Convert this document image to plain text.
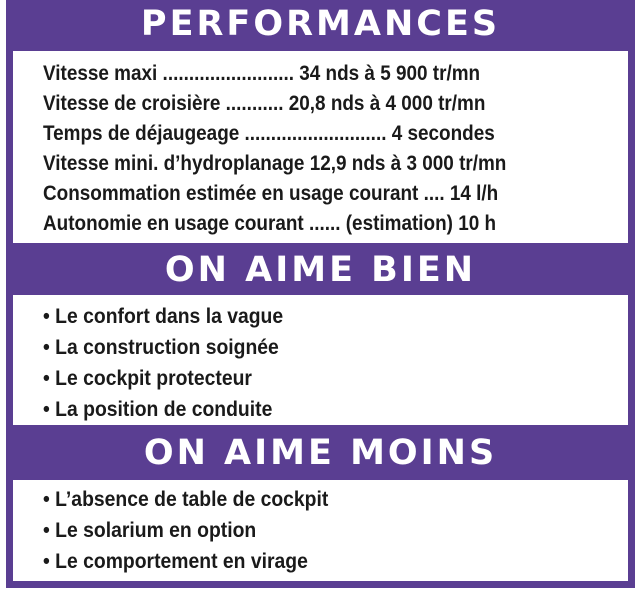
PERFORMANCES
Vitesse maxi ......................... 34 nds à 5 900 tr/mn
Vitesse de croisière ........... 20,8 nds à 4 000 tr/mn
Temps de déjaugeage ........................... 4 secondes
Vitesse mini. d’hydroplanage 12,9 nds à 3 000 tr/mn
Consommation estimée en usage courant .... 14 l/h
Autonomie en usage courant ...... (estimation) 10 h
ON AIME BIEN
• Le confort dans la vague
• La construction soignée
• Le cockpit protecteur
• La position de conduite
ON AIME MOINS
• L’absence de table de cockpit
• Le solarium en option
• Le comportement en virage
